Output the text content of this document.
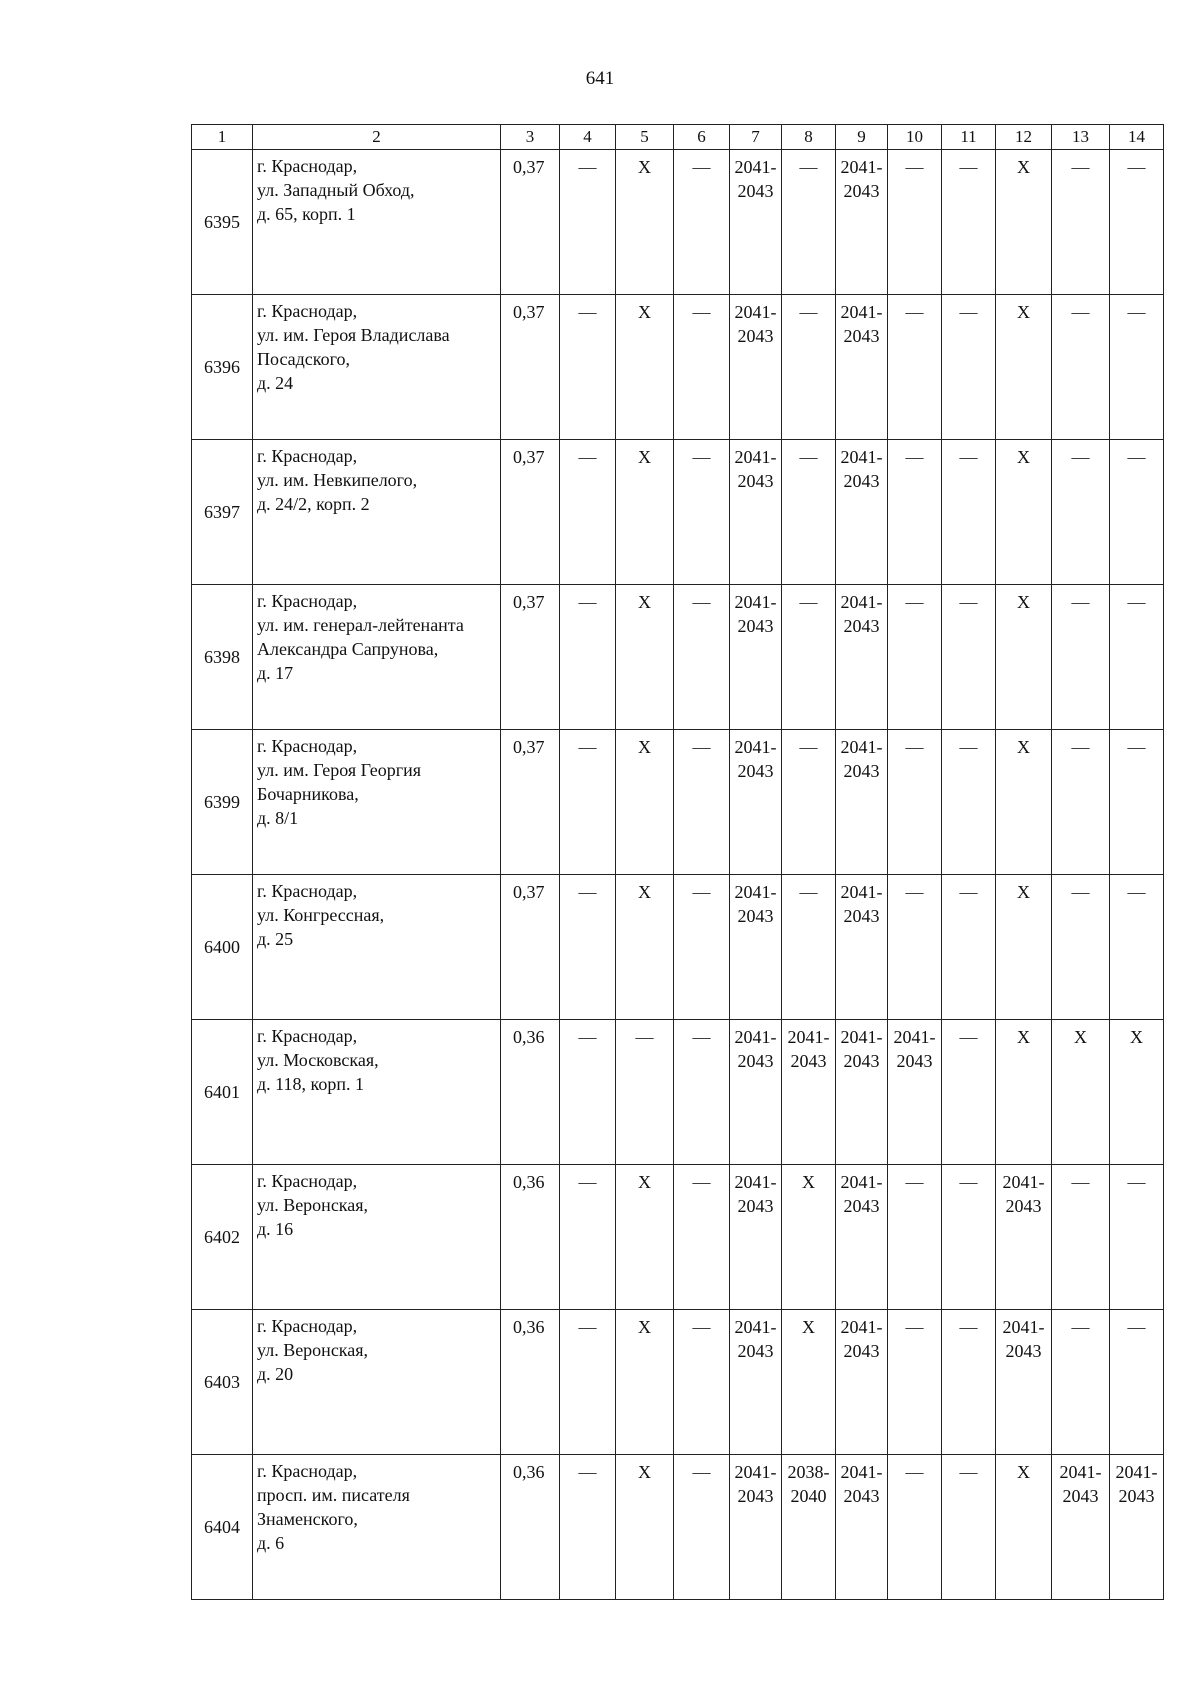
641
1	2	3	4	5	6	7	8	9	10	11	12	13	14
6395	г. Краснодар,
ул. Западный Обход,
д. 65, корп. 1	0,37	—	Х	—	2041-
2043	—	2041-
2043	—	—	Х	—	—

6396	г. Краснодар,
ул. им. Героя Владислава
Посадского,
д. 24	0,37	—	Х	—	2041-
2043	—	2041-
2043	—	—	Х	—	—

6397	г. Краснодар,
ул. им. Невкипелого,
д. 24/2, корп. 2	0,37	—	Х	—	2041-
2043	—	2041-
2043	—	—	Х	—	—

6398	г. Краснодар,
ул. им. генерал-лейтенанта
Александра Сапрунова,
д. 17	0,37	—	Х	—	2041-
2043	—	2041-
2043	—	—	Х	—	—

6399	г. Краснодар,
ул. им. Героя Георгия
Бочарникова,
д. 8/1	0,37	—	Х	—	2041-
2043	—	2041-
2043	—	—	Х	—	—

6400	г. Краснодар,
ул. Конгрессная,
д. 25	0,37	—	Х	—	2041-
2043	—	2041-
2043	—	—	Х	—	—

6401	г. Краснодар,
ул. Московская,
д. 118, корп. 1	0,36	—	—	—	2041-
2043	2041-
2043	2041-
2043	2041-
2043	—	Х	Х	Х

6402	г. Краснодар,
ул. Веронская,
д. 16	0,36	—	Х	—	2041-
2043	Х	2041-
2043	—	—	2041-
2043	—	—

6403	г. Краснодар,
ул. Веронская,
д. 20	0,36	—	Х	—	2041-
2043	Х	2041-
2043	—	—	2041-
2043	—	—

6404	г. Краснодар,
просп. им. писателя
Знаменского,
д. 6	0,36	—	Х	—	2041-
2043	2038-
2040	2041-
2043	—	—	Х	2041-
2043	2041-
2043
